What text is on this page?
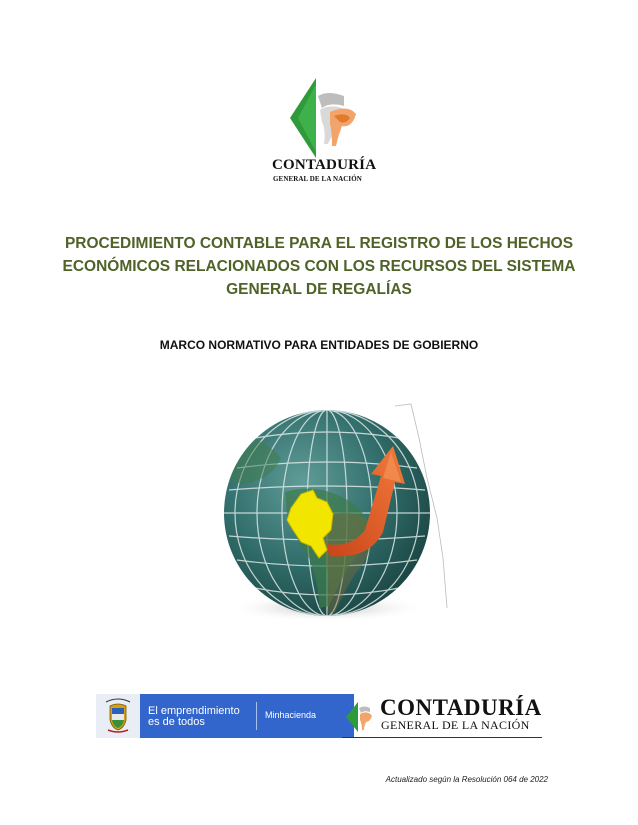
CONTADURÍA
GENERAL DE LA NACIÓN
PROCEDIMIENTO CONTABLE PARA EL REGISTRO DE LOS HECHOS ECONÓMICOS RELACIONADOS CON LOS RECURSOS DEL SISTEMA GENERAL DE REGALÍAS
MARCO NORMATIVO PARA ENTIDADES DE GOBIERNO
El emprendimiento
es de todos
Minhacienda	CONTADURÍA
GENERAL DE LA NACIÓN
Actualizado según la Resolución 064 de 2022
